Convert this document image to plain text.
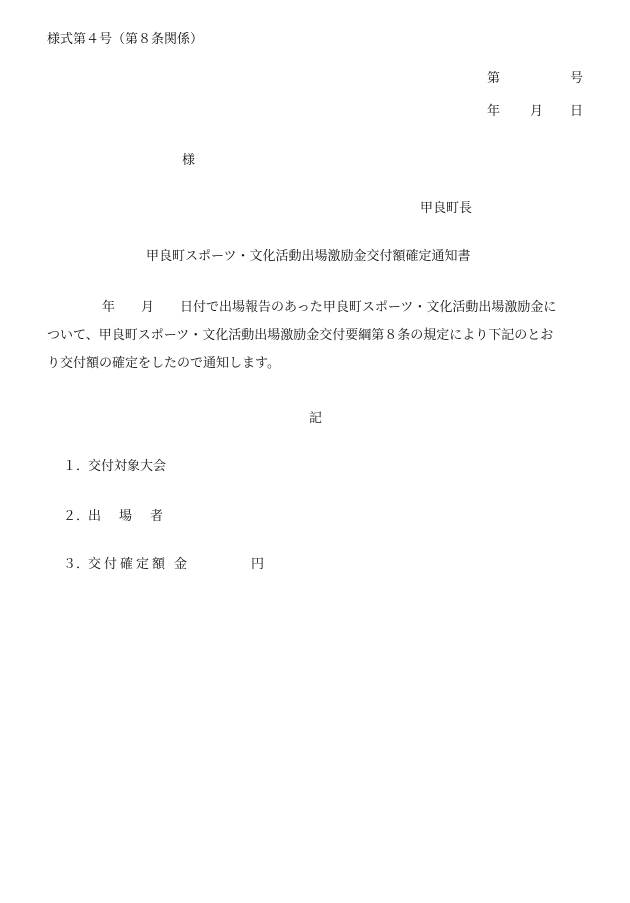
様式第４号（第８条関係）
第	号
年 月 日
様
甲良町長
甲良町スポーツ・文化活動出場激励金交付額確定通知書
年 月 日付で出場報告のあった甲良町スポーツ・文化活動出場激励金に
ついて、甲良町スポーツ・文化活動出場激励金交付要綱第８条の規定により下記のとお
り交付額の確定をしたので通知します。
記
１．交付対象大会
２．出場者
３．交付確定額 金	円
